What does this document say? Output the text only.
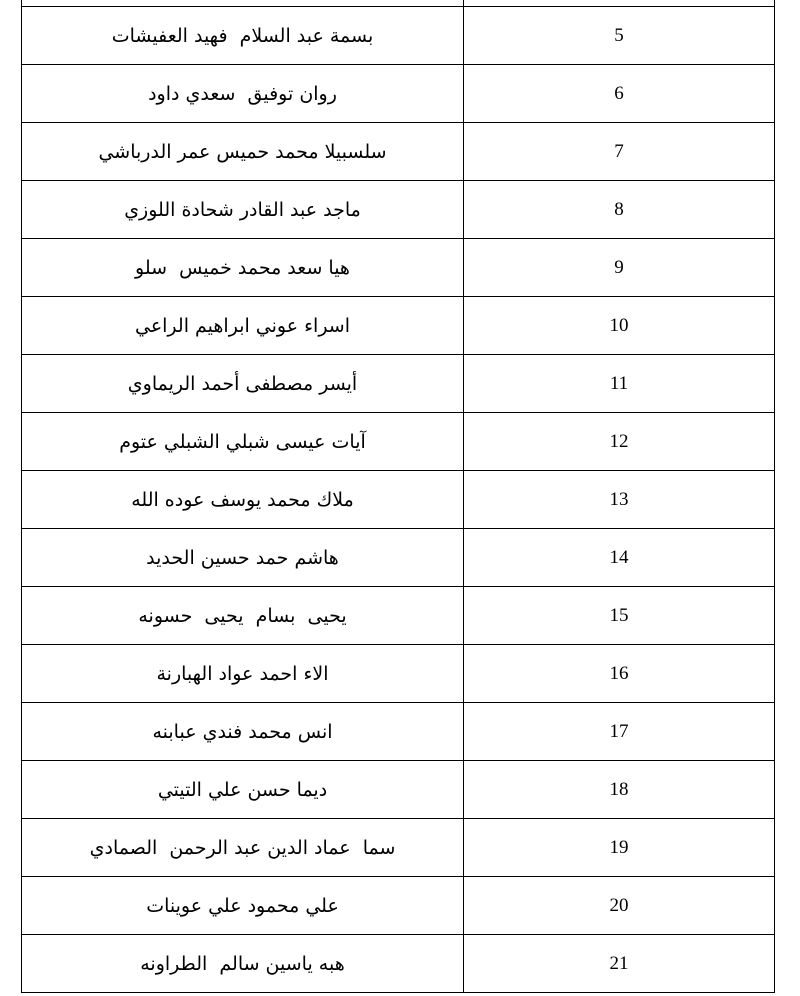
بسمة عبد السلام  فهيد العفيشات	5
روان توفيق  سعدي داود	6
سلسبيلا محمد حميس عمر الدرباشي	7
ماجد عبد القادر شحادة اللوزي	8
هيا سعد محمد خميس  سلو	9
اسراء عوني ابراهيم الراعي	10
أيسر مصطفى أحمد الريماوي	11
آيات عيسى شبلي الشبلي عتوم	12
ملاك محمد يوسف عوده الله	13
هاشم حمد حسين الحديد	14
يحيى  بسام  يحيى  حسونه	15
الاء احمد عواد الهبارنة	16
انس محمد فندي عبابنه	17
ديما حسن علي التيتي	18
سما  عماد الدين عبد الرحمن  الصمادي	19
علي محمود علي عوينات	20
هبه ياسين سالم  الطراونه	21
